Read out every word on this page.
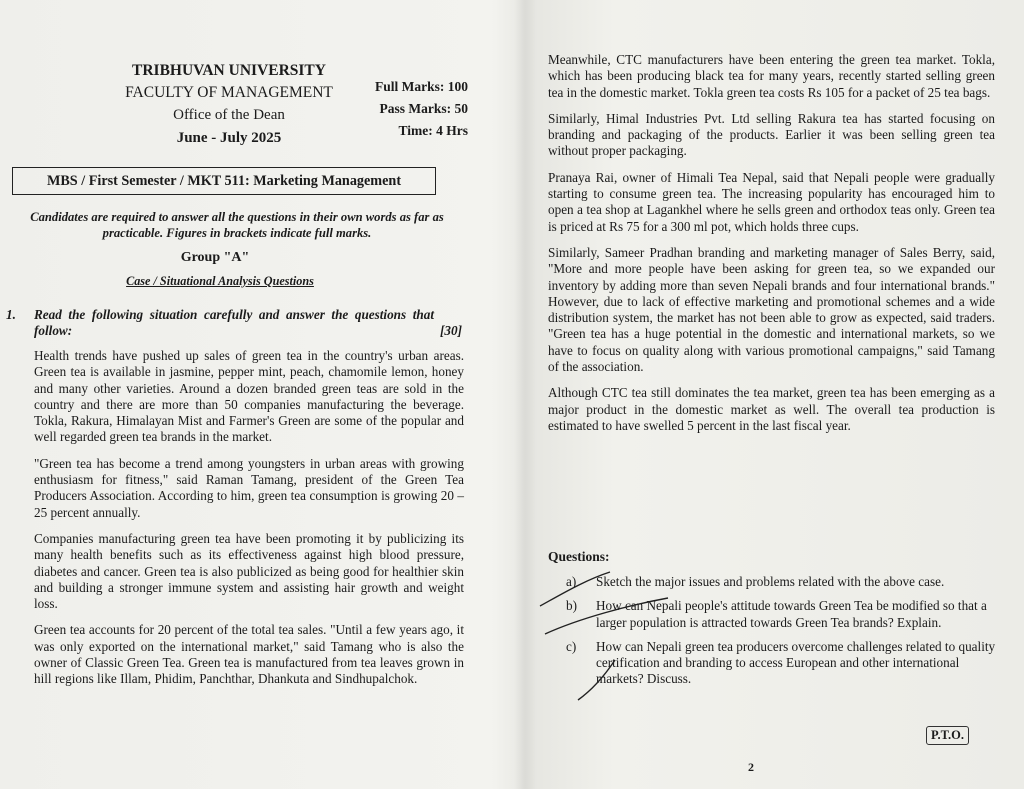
TRIBHUVAN UNIVERSITY
FACULTY OF MANAGEMENT
Office of the Dean
June - July 2025
Full Marks: 100
Pass Marks: 50
Time: 4 Hrs
MBS / First Semester / MKT 511: Marketing Management
Candidates are required to answer all the questions in their own words as far as practicable. Figures in brackets indicate full marks.
Group "A"
Case / Situational Analysis Questions
1. Read the following situation carefully and answer the questions that follow:	[30]

Health trends have pushed up sales of green tea in the country's urban areas. Green tea is available in jasmine, pepper mint, peach, chamomile lemon, honey and many other varieties. Around a dozen branded green teas are sold in the country and there are more than 50 companies manufacturing the beverage. Tokla, Rakura, Himalayan Mist and Farmer's Green are some of the popular and well regarded green tea brands in the market.

"Green tea has become a trend among youngsters in urban areas with growing enthusiasm for fitness," said Raman Tamang, president of the Green Tea Producers Association. According to him, green tea consumption is growing 20 – 25 percent annually.

Companies manufacturing green tea have been promoting it by publicizing its many health benefits such as its effectiveness against high blood pressure, diabetes and cancer. Green tea is also publicized as being good for healthier skin and building a stronger immune system and assisting hair growth and weight loss.

Green tea accounts for 20 percent of the total tea sales. "Until a few years ago, it was only exported on the international market," said Tamang who is also the owner of Classic Green Tea. Green tea is manufactured from tea leaves grown in hill regions like Illam, Phidim, Panchthar, Dhankuta and Sindhupalchok.

Meanwhile, CTC manufacturers have been entering the green tea market. Tokla, which has been producing black tea for many years, recently started selling green tea in the domestic market. Tokla green tea costs Rs 105 for a packet of 25 tea bags.

Similarly, Himal Industries Pvt. Ltd selling Rakura tea has started focusing on branding and packaging of the products. Earlier it was been selling green tea without proper packaging.

Pranaya Rai, owner of Himali Tea Nepal, said that Nepali people were gradually starting to consume green tea. The increasing popularity has encouraged him to open a tea shop at Lagankhel where he sells green and orthodox teas only. Green tea is priced at Rs 75 for a 300 ml pot, which holds three cups.

Similarly, Sameer Pradhan branding and marketing manager of Sales Berry, said, "More and more people have been asking for green tea, so we expanded our inventory by adding more than seven Nepali brands and four international brands." However, due to lack of effective marketing and promotional schemes and a wide distribution system, the market has not been able to grow as expected, said traders. "Green tea has a huge potential in the domestic and international markets, so we have to focus on quality along with various promotional campaigns," said Tamang of the association.

Although CTC tea still dominates the tea market, green tea has been emerging as a major product in the domestic market as well. The overall tea production is estimated to have swelled 5 percent in the last fiscal year.

Questions:
a) Sketch the major issues and problems related with the above case.
b) How can Nepali people's attitude towards Green Tea be modified so that a larger population is attracted towards Green Tea brands? Explain.
c) How can Nepali green tea producers overcome challenges related to quality certification and branding to access European and other international markets? Discuss.
P.T.O.
2
